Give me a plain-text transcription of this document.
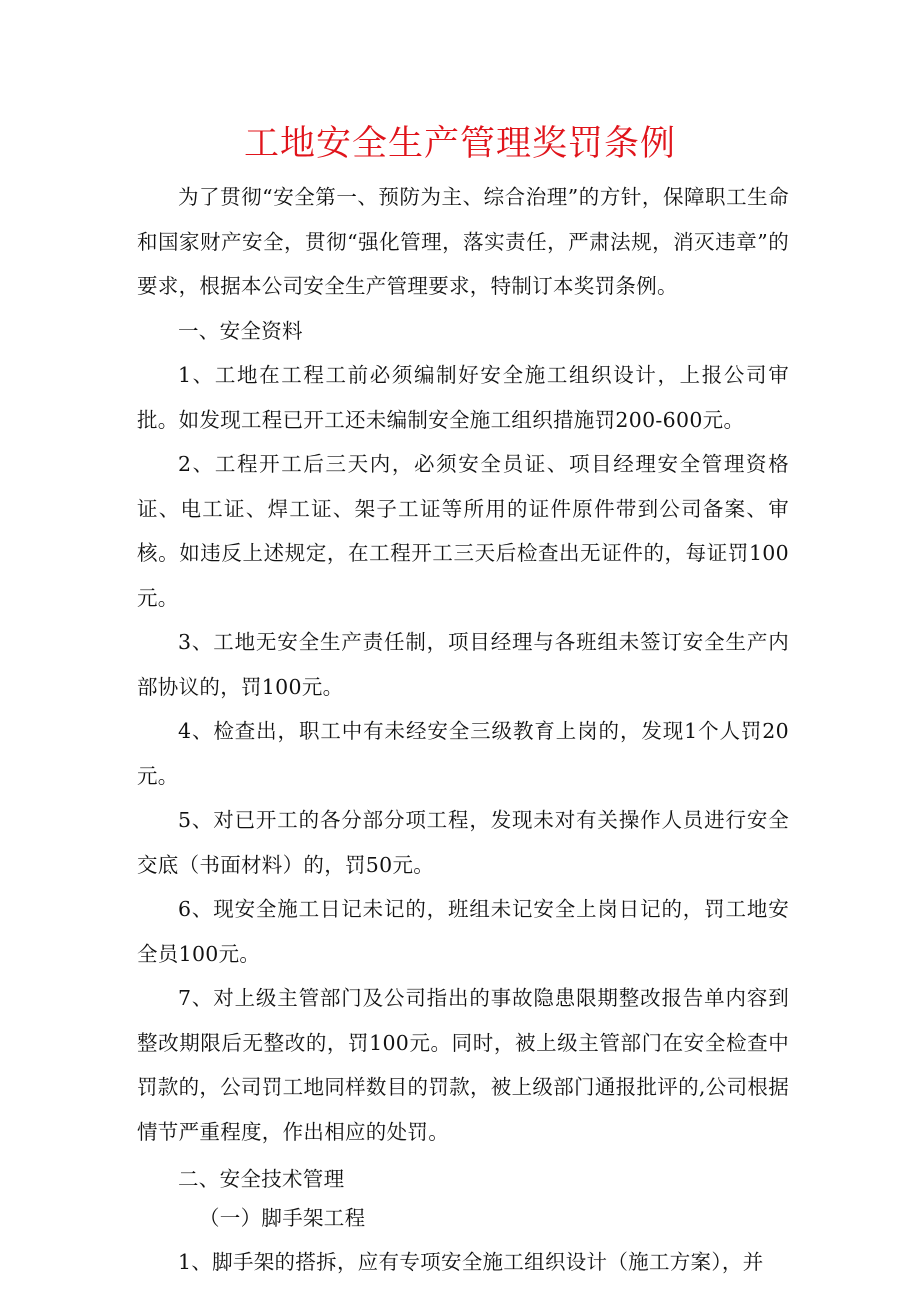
工地安全生产管理奖罚条例

为了贯彻“安全第一、预防为主、综合治理”的方针，保障职工生命和国家财产安全，贯彻“强化管理，落实责任，严肃法规，消灭违章”的要求，根据本公司安全生产管理要求，特制订本奖罚条例。

一、安全资料

1、工地在工程工前必须编制好安全施工组织设计，上报公司审批。如发现工程已开工还未编制安全施工组织措施罚200-600元。

2、工程开工后三天内，必须安全员证、项目经理安全管理资格证、电工证、焊工证、架子工证等所用的证件原件带到公司备案、审核。如违反上述规定，在工程开工三天后检查出无证件的，每证罚100元。

3、工地无安全生产责任制，项目经理与各班组未签订安全生产内部协议的，罚100元。

4、检查出，职工中有未经安全三级教育上岗的，发现1个人罚20元。

5、对已开工的各分部分项工程，发现未对有关操作人员进行安全交底（书面材料）的，罚50元。

6、现安全施工日记未记的，班组未记安全上岗日记的，罚工地安全员100元。

7、对上级主管部门及公司指出的事故隐患限期整改报告单内容到整改期限后无整改的，罚100元。同时，被上级主管部门在安全检查中罚款的，公司罚工地同样数目的罚款，被上级部门通报批评的,公司根据情节严重程度，作出相应的处罚。

二、安全技术管理

（一）脚手架工程

1、脚手架的搭拆，应有专项安全施工组织设计（施工方案），并
